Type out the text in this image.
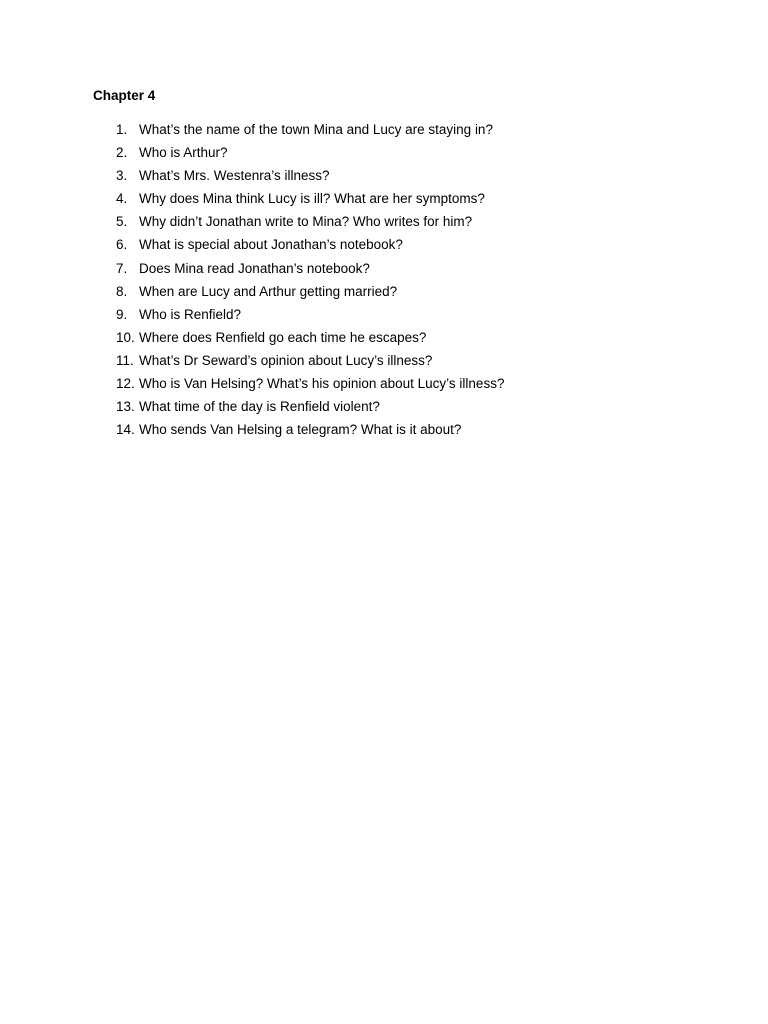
Chapter 4
1. What’s the name of the town Mina and Lucy are staying in?
2. Who is Arthur?
3. What’s Mrs. Westenra’s illness?
4. Why does Mina think Lucy is ill? What are her symptoms?
5. Why didn’t Jonathan write to Mina? Who writes for him?
6. What is special about Jonathan’s notebook?
7. Does Mina read Jonathan’s notebook?
8. When are Lucy and Arthur getting married?
9. Who is Renfield?
10. Where does Renfield go each time he escapes?
11. What’s Dr Seward’s opinion about Lucy’s illness?
12. Who is Van Helsing? What’s his opinion about Lucy’s illness?
13. What time of the day is Renfield violent?
14. Who sends Van Helsing a telegram? What is it about?
